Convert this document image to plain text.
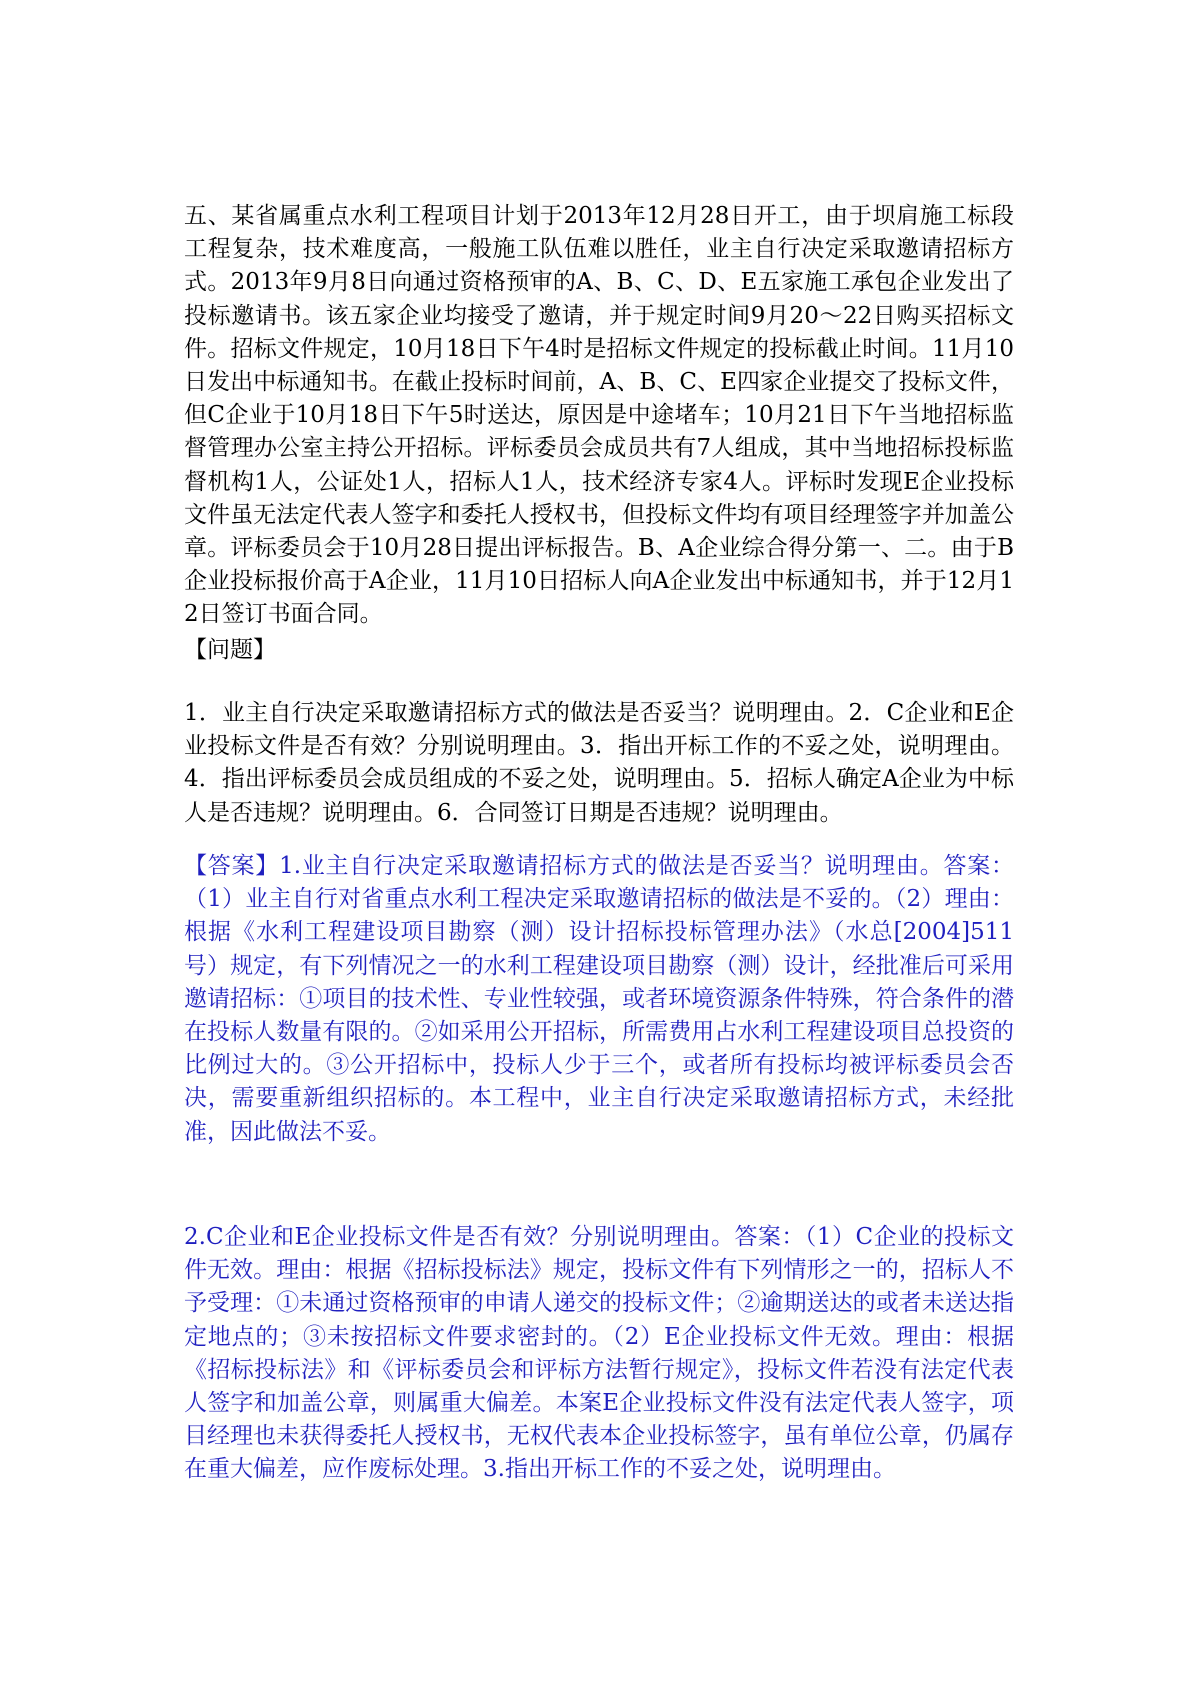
五、某省属重点水利工程项目计划于2013年12月28日开工，由于坝肩施工标段工程复杂，技术难度高，一般施工队伍难以胜任，业主自行决定采取邀请招标方式。2013年9月8日向通过资格预审的A、B、C、D、E五家施工承包企业发出了投标邀请书。该五家企业均接受了邀请，并于规定时间9月20～22日购买招标文件。招标文件规定，10月18日下午4时是招标文件规定的投标截止时间。11月10日发出中标通知书。在截止投标时间前，A、B、C、E四家企业提交了投标文件，但C企业于10月18日下午5时送达，原因是中途堵车；10月21日下午当地招标监督管理办公室主持公开招标。评标委员会成员共有7人组成，其中当地招标投标监督机构1人，公证处1人，招标人1人，技术经济专家4人。评标时发现E企业投标文件虽无法定代表人签字和委托人授权书，但投标文件均有项目经理签字并加盖公章。评标委员会于10月28日提出评标报告。B、A企业综合得分第一、二。由于B企业投标报价高于A企业，11月10日招标人向A企业发出中标通知书，并于12月12日签订书面合同。

【问题】

1．业主自行决定采取邀请招标方式的做法是否妥当？说明理由。2．C企业和E企业投标文件是否有效？分别说明理由。3．指出开标工作的不妥之处，说明理由。4．指出评标委员会成员组成的不妥之处，说明理由。5．招标人确定A企业为中标人是否违规？说明理由。6．合同签订日期是否违规？说明理由。

【答案】1.业主自行决定采取邀请招标方式的做法是否妥当？说明理由。答案：（1）业主自行对省重点水利工程决定采取邀请招标的做法是不妥的。（2）理由：根据《水利工程建设项目勘察（测）设计招标投标管理办法》（水总[2004]511号）规定，有下列情况之一的水利工程建设项目勘察（测）设计，经批准后可采用邀请招标：①项目的技术性、专业性较强，或者环境资源条件特殊，符合条件的潜在投标人数量有限的。②如采用公开招标，所需费用占水利工程建设项目总投资的比例过大的。③公开招标中，投标人少于三个，或者所有投标均被评标委员会否决，需要重新组织招标的。本工程中，业主自行决定采取邀请招标方式，未经批准，因此做法不妥。

2.C企业和E企业投标文件是否有效？分别说明理由。答案：（1）C企业的投标文件无效。理由：根据《招标投标法》规定，投标文件有下列情形之一的，招标人不予受理：①未通过资格预审的申请人递交的投标文件；②逾期送达的或者未送达指定地点的；③未按招标文件要求密封的。（2）E企业投标文件无效。理由：根据《招标投标法》和《评标委员会和评标方法暂行规定》，投标文件若没有法定代表人签字和加盖公章，则属重大偏差。本案E企业投标文件没有法定代表人签字，项目经理也未获得委托人授权书，无权代表本企业投标签字，虽有单位公章，仍属存在重大偏差，应作废标处理。3.指出开标工作的不妥之处，说明理由。
